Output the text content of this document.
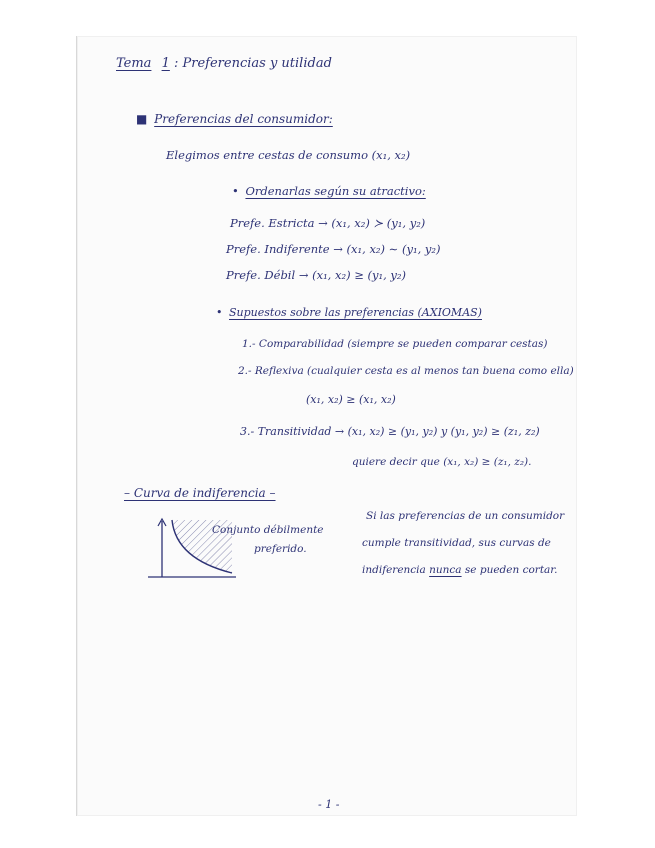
Tema 1 : Preferencias y utilidad
■ Preferencias del consumidor:
Elegimos entre cestas de consumo (x₁, x₂)
• Ordenarlas según su atractivo:
Prefe. Estricta → (x₁, x₂) ≻ (y₁, y₂)
Prefe. Indiferente → (x₁, x₂) ∼ (y₁, y₂)
Prefe. Débil → (x₁, x₂) ≥ (y₁, y₂)
• Supuestos sobre las preferencias (AXIOMAS)
1.- Comparabilidad (siempre se pueden comparar cestas)
2.- Reflexiva (cualquier cesta es al menos tan buena como ella)
(x₁, x₂) ≥ (x₁, x₂)
3.- Transitividad → (x₁, x₂) ≥ (y₁, y₂) y (y₁, y₂) ≥ (z₁, z₂)
quiere decir que (x₁, x₂) ≥ (z₁, z₂).
– Curva de indiferencia –
Conjunto débilmente
preferido.
Si las preferencias de un consumidor
cumple transitividad, sus curvas de
indiferencia nunca se pueden cortar.
- 1 -
